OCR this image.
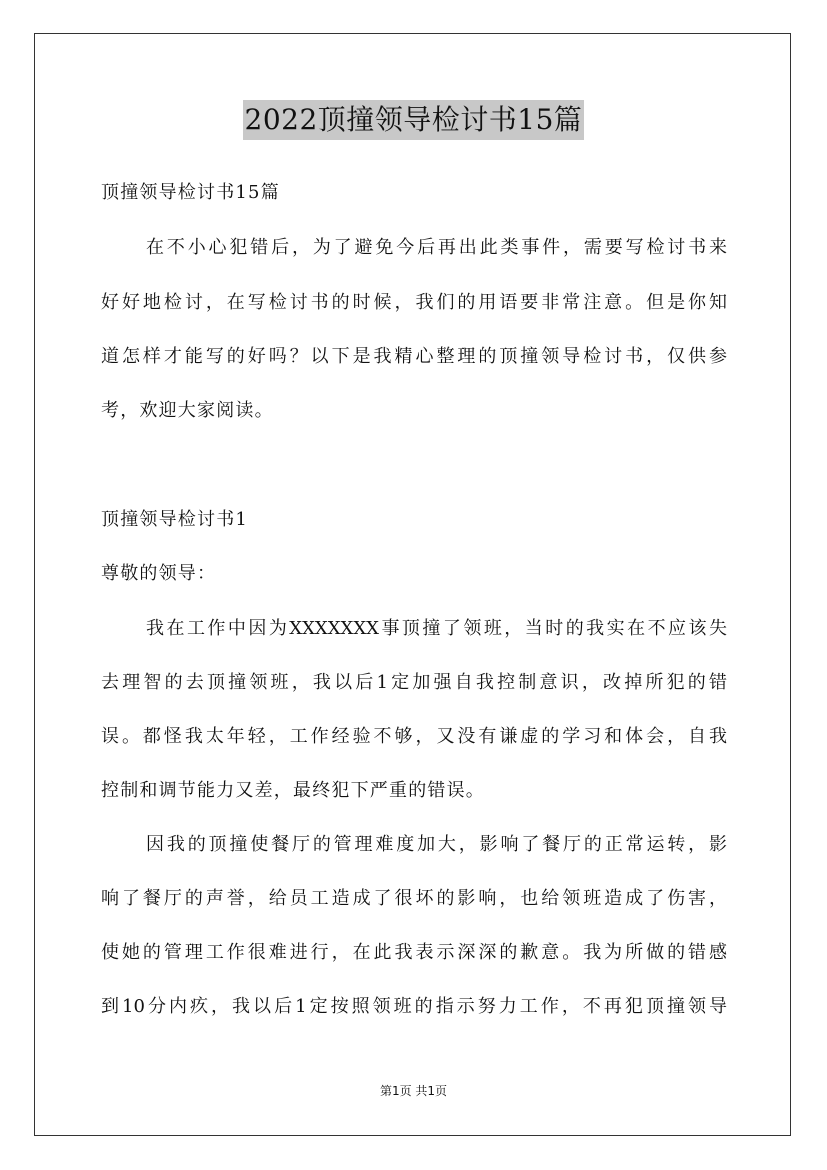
2022顶撞领导检讨书15篇
顶撞领导检讨书15篇
在不小心犯错后，为了避免今后再出此类事件，需要写检讨书来
好好地检讨，在写检讨书的时候，我们的用语要非常注意。但是你知
道怎样才能写的好吗？以下是我精心整理的顶撞领导检讨书，仅供参
考，欢迎大家阅读。
顶撞领导检讨书1
尊敬的领导：
我在工作中因为XXXXXXX事顶撞了领班，当时的我实在不应该失
去理智的去顶撞领班，我以后1定加强自我控制意识，改掉所犯的错
误。都怪我太年轻，工作经验不够，又没有谦虚的学习和体会，自我
控制和调节能力又差，最终犯下严重的错误。
因我的顶撞使餐厅的管理难度加大，影响了餐厅的正常运转，影
响了餐厅的声誉，给员工造成了很坏的影响，也给领班造成了伤害，
使她的管理工作很难进行，在此我表示深深的歉意。我为所做的错感
到10分内疚，我以后1定按照领班的指示努力工作，不再犯顶撞领导
第1页 共1页
